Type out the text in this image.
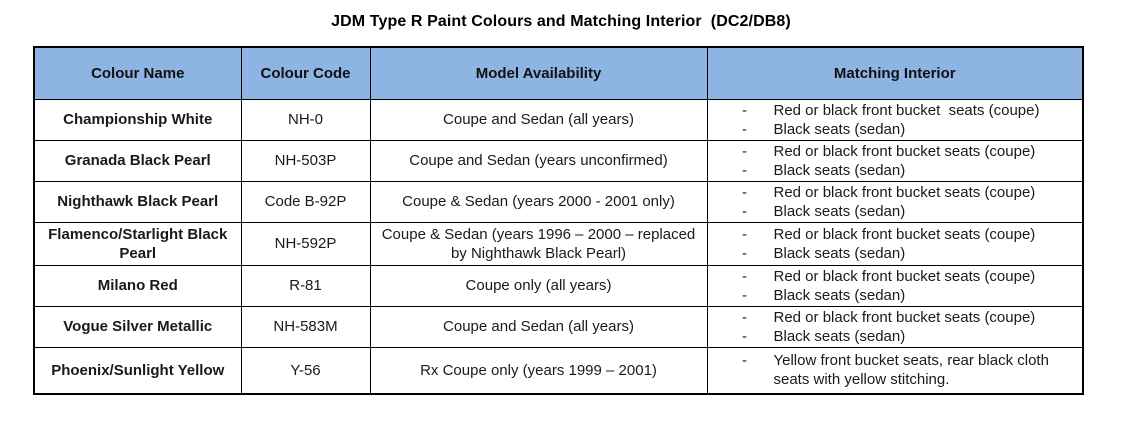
JDM Type R Paint Colours and Matching Interior  (DC2/DB8)
Colour Name	Colour Code	Model Availability	Matching Interior
Championship White	NH-0	Coupe and Sedan (all years)	- Red or black front bucket  seats (coupe)
- Black seats (sedan)

Granada Black Pearl	NH-503P	Coupe and Sedan (years unconfirmed)	- Red or black front bucket seats (coupe)
- Black seats (sedan)

Nighthawk Black Pearl	Code B-92P	Coupe & Sedan (years 2000 - 2001 only)	- Red or black front bucket seats (coupe)
- Black seats (sedan)

Flamenco/Starlight Black Pearl	NH-592P	Coupe & Sedan (years 1996 – 2000 – replaced by Nighthawk Black Pearl)	- Red or black front bucket seats (coupe)
- Black seats (sedan)

Milano Red	R-81	Coupe only (all years)	- Red or black front bucket seats (coupe)
- Black seats (sedan)

Vogue Silver Metallic	NH-583M	Coupe and Sedan (all years)	- Red or black front bucket seats (coupe)
- Black seats (sedan)

Phoenix/Sunlight Yellow	Y-56	Rx Coupe only (years 1999 – 2001)	- Yellow front bucket seats, rear black cloth seats with yellow stitching.
